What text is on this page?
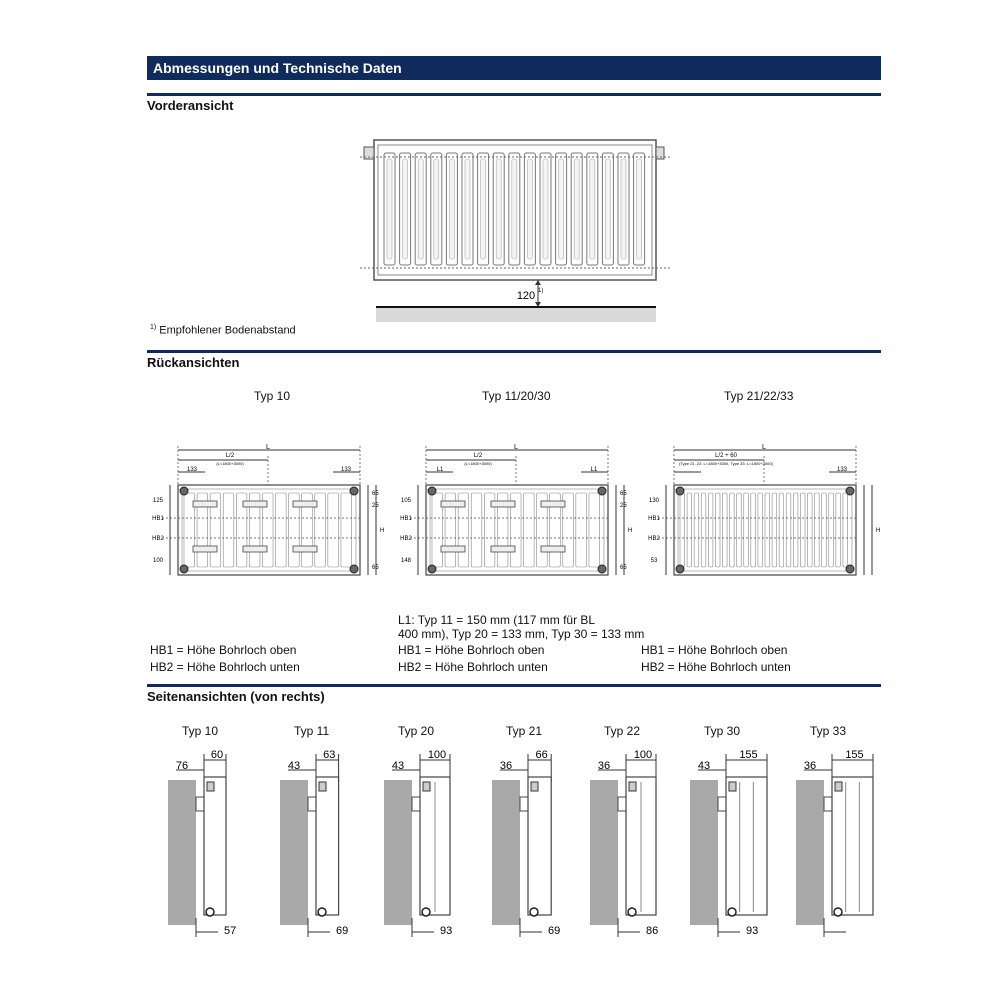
Abmessungen und Technische Daten
Vorderansicht
120 1)
$^{1)}$ Empfohlener Bodenabstand
Rückansichten
Typ 10	Typ 11/20/30	Typ 21/22/33
L
L/2
(L=1800+3000)
133	133
125
HB1
HB2
100
65
25
H
65
L
L/2
(L=1800+3000)
L1	L1
105
HB1
HB2
148
65
25
H
65
L
L/2 + 60
(Type 21, 22: L=1800+3000, Type 33: L=1800+3000)
133
130
HB1
HB2
53
H
L1: Typ 11 = 150 mm (117 mm für BL
400 mm), Typ 20 = 133 mm, Typ 30 = 133 mm
HB1 = Höhe Bohrloch oben
HB2 = Höhe Bohrloch unten
HB1 = Höhe Bohrloch oben
HB2 = Höhe Bohrloch unten
HB1 = Höhe Bohrloch oben
HB2 = Höhe Bohrloch unten
Seitenansichten (von rechts)
Typ 10
76
60
57
Typ 11
43
63
69
Typ 20
43
100
93
Typ 21
36
66
69
Typ 22
36
100
86
Typ 30
43
155
93
Typ 33
36
155
